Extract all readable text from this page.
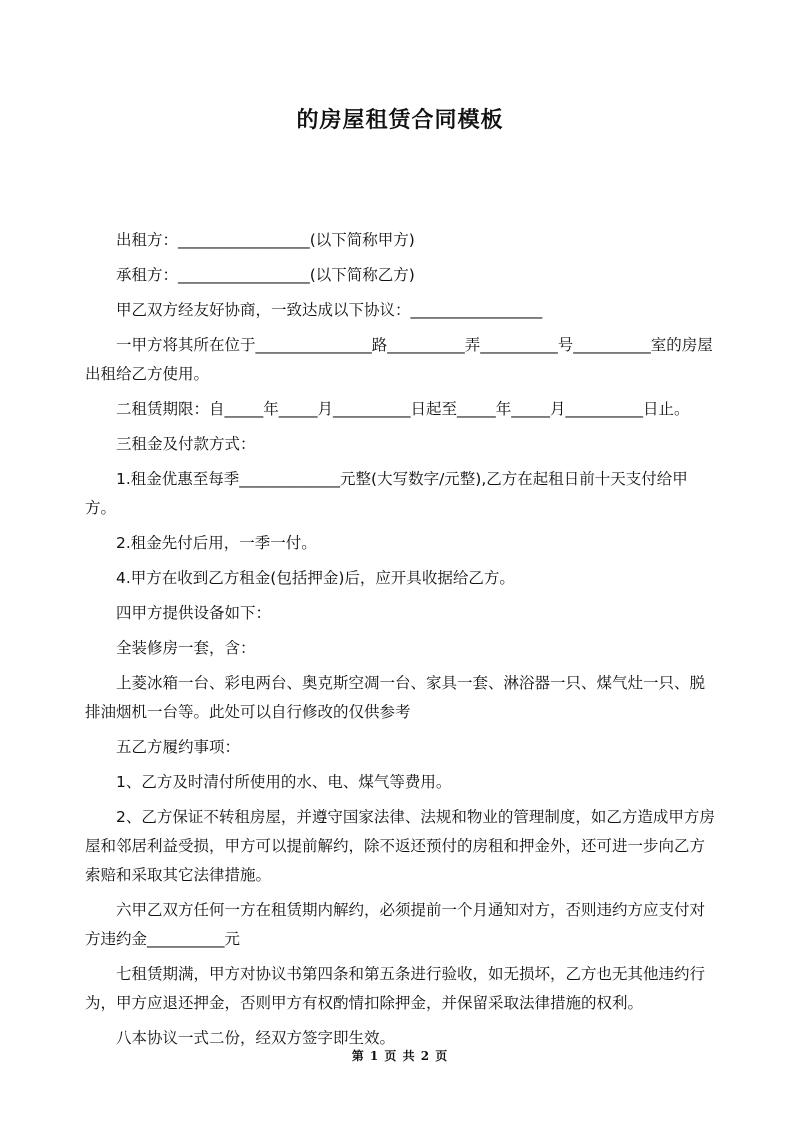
的房屋租赁合同模板

出租方：_________________(以下简称甲方)

承租方：_________________(以下简称乙方)

甲乙双方经友好协商，一致达成以下协议：_________________

一甲方将其所在位于_______________路__________弄__________号__________室的房屋出租给乙方使用。

二租赁期限：自_____年_____月__________日起至_____年_____月__________日止。

三租金及付款方式：

1.租金优惠至每季_____________元整(大写数字/元整),乙方在起租日前十天支付给甲方。

2.租金先付后用，一季一付。

4.甲方在收到乙方租金(包括押金)后，应开具收据给乙方。

四甲方提供设备如下：

全装修房一套，含：

上菱冰箱一台、彩电两台、奥克斯空凋一台、家具一套、淋浴器一只、煤气灶一只、脱排油烟机一台等。此处可以自行修改的仅供参考

五乙方履约事项：

1、乙方及时清付所使用的水、电、煤气等费用。

2、乙方保证不转租房屋，并遵守国家法律、法规和物业的管理制度，如乙方造成甲方房屋和邻居利益受损，甲方可以提前解约，除不返还预付的房租和押金外，还可进一步向乙方索赔和采取其它法律措施。

六甲乙双方任何一方在租赁期内解约，必须提前一个月通知对方，否则违约方应支付对方违约金__________元

七租赁期满，甲方对协议书第四条和第五条进行验收，如无损坏，乙方也无其他违约行为，甲方应退还押金，否则甲方有权酌情扣除押金，并保留采取法律措施的权利。

八本协议一式二份，经双方签字即生效。

第 1 页 共 2 页
